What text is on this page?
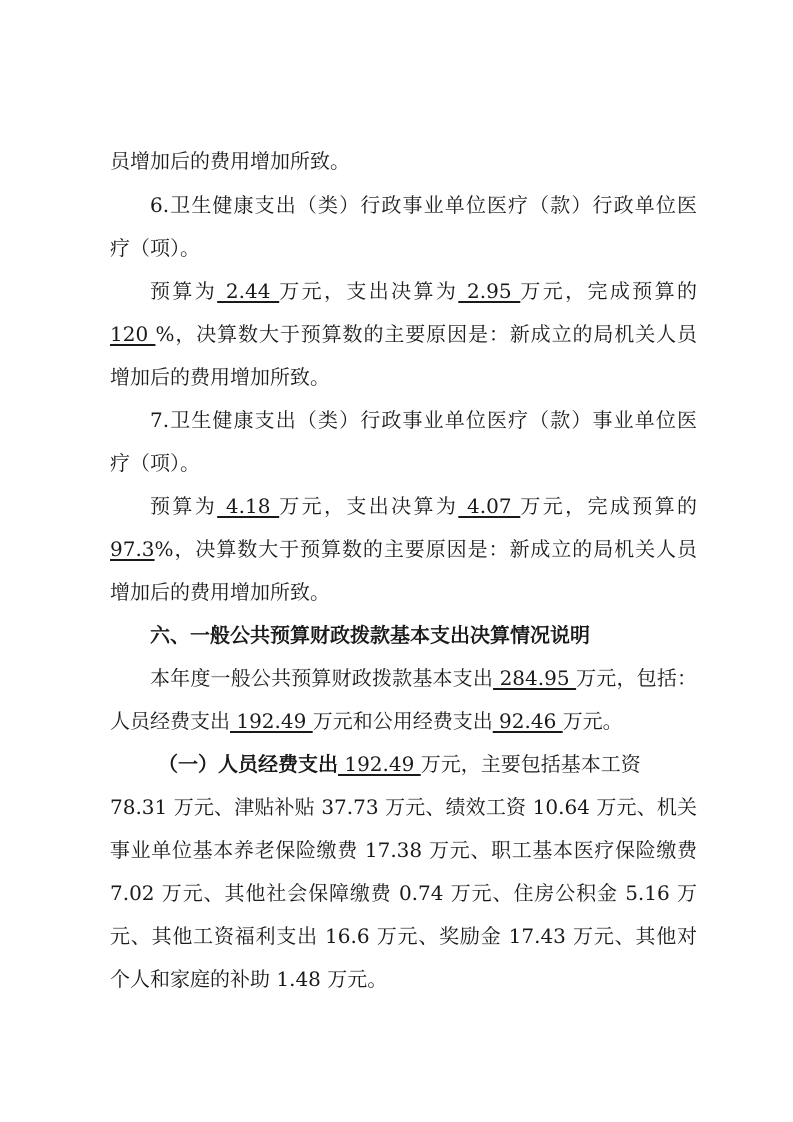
员增加后的费用增加所致。
6.卫生健康支出（类）行政事业单位医疗（款）行政单位医
疗（项）。
预算为 2.44 万元，支出决算为 2.95 万元，完成预算的
120 %，决算数大于预算数的主要原因是：新成立的局机关人员
增加后的费用增加所致。
7.卫生健康支出（类）行政事业单位医疗（款）事业单位医
疗（项）。
预算为 4.18 万元，支出决算为 4.07 万元，完成预算的
97.3%，决算数大于预算数的主要原因是：新成立的局机关人员
增加后的费用增加所致。
六、一般公共预算财政拨款基本支出决算情况说明
本年度一般公共预算财政拨款基本支出 284.95 万元，包括：
人员经费支出 192.49 万元和公用经费支出 92.46 万元。
（一）人员经费支出 192.49 万元，主要包括基本工资
78.31 万元、津贴补贴 37.73 万元、绩效工资 10.64 万元、机关
事业单位基本养老保险缴费 17.38 万元、职工基本医疗保险缴费
7.02 万元、其他社会保障缴费 0.74 万元、住房公积金 5.16 万
元、其他工资福利支出 16.6 万元、奖励金 17.43 万元、其他对
个人和家庭的补助 1.48 万元。
